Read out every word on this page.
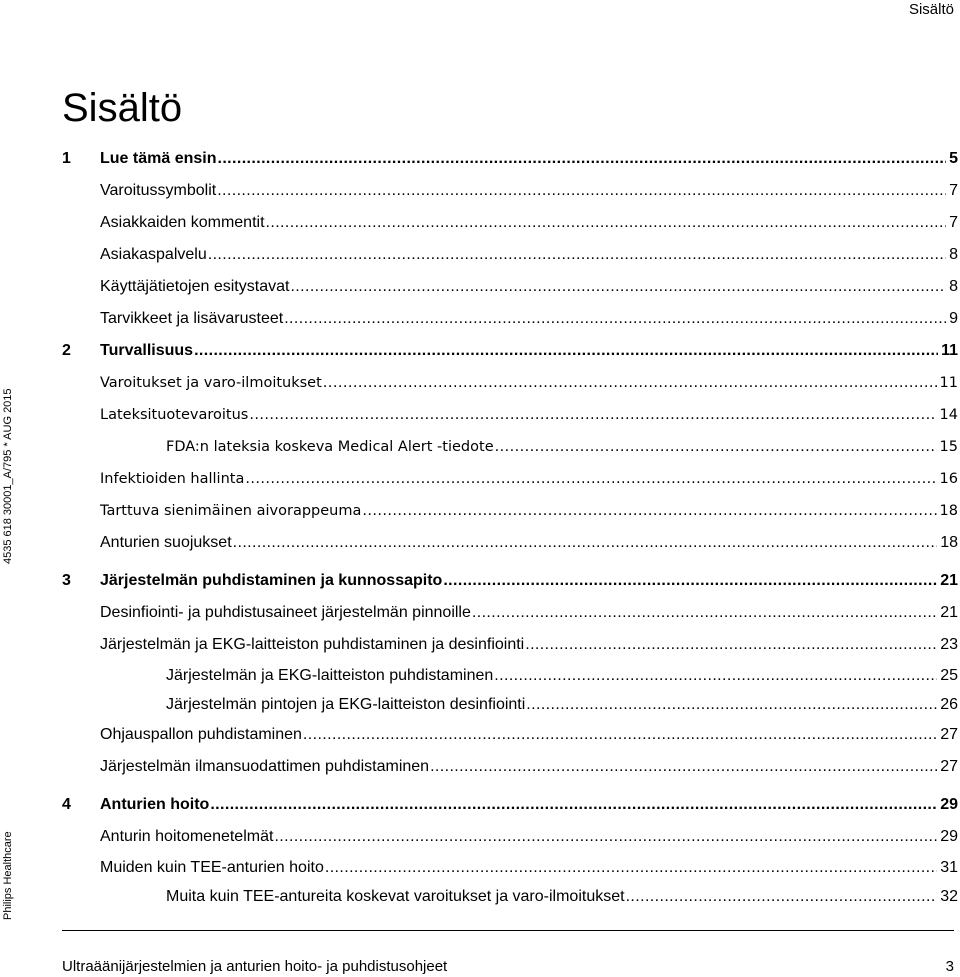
Sisältö
4535 618 30001_A/795 * AUG 2015
Philips Healthcare
Sisältö
1 Lue tämä ensin .....	5
Varoitussymbolit .....	7
Asiakkaiden kommentit .....	7
Asiakaspalvelu .....	8
Käyttäjätietojen esitystavat .....	8
Tarvikkeet ja lisävarusteet .....	9
2 Turvallisuus .....	11
Varoitukset ja varo-ilmoitukset .....	11
Lateksituotevaroitus .....	14
FDA:n lateksia koskeva Medical Alert -tiedote .....	15
Infektioiden hallinta .....	16
Tarttuva sienimäinen aivorappeuma .....	18
Anturien suojukset .....	18
3 Järjestelmän puhdistaminen ja kunnossapito .....	21
Desinfiointi- ja puhdistusaineet järjestelmän pinnoille .....	21
Järjestelmän ja EKG-laitteiston puhdistaminen ja desinfiointi .....	23
Järjestelmän ja EKG-laitteiston puhdistaminen .....	25
Järjestelmän pintojen ja EKG-laitteiston desinfiointi .....	26
Ohjauspallon puhdistaminen .....	27
Järjestelmän ilmansuodattimen puhdistaminen .....	27
4 Anturien hoito .....	29
Anturin hoitomenetelmät .....	29
Muiden kuin TEE-anturien hoito .....	31
Muita kuin TEE-antureita koskevat varoitukset ja varo-ilmoitukset .....	32
Ultraäänijärjestelmien ja anturien hoito- ja puhdistusohjeet	3
